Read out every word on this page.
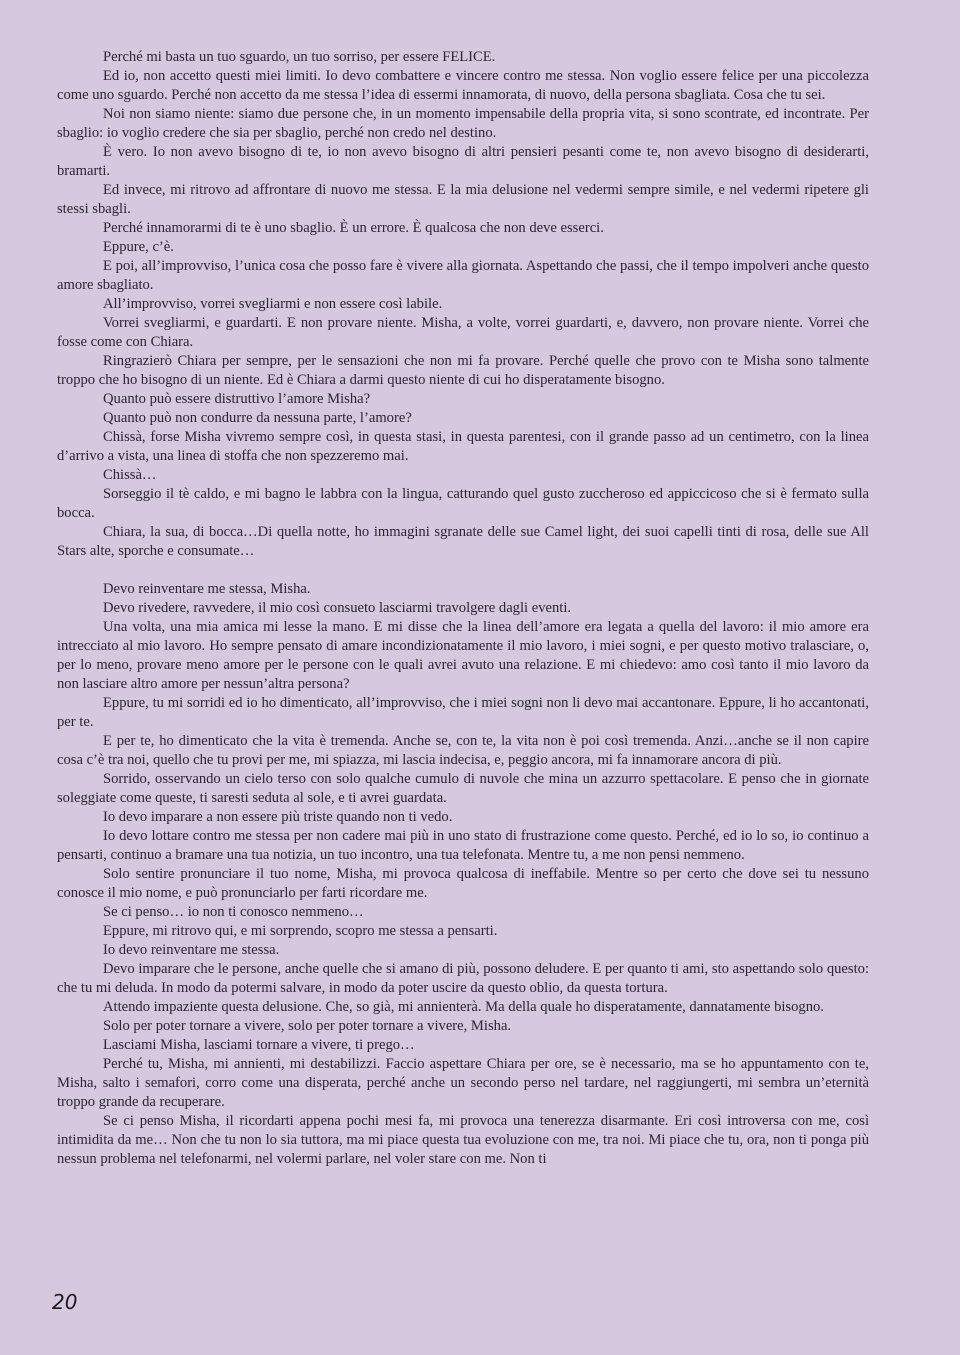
Perché mi basta un tuo sguardo, un tuo sorriso, per essere FELICE.

Ed io, non accetto questi miei limiti. Io devo combattere e vincere contro me stessa. Non voglio essere felice per una piccolezza come uno sguardo. Perché non accetto da me stessa l’idea di essermi innamorata, di nuovo, della persona sbagliata. Cosa che tu sei.

Noi non siamo niente: siamo due persone che, in un momento impensabile della propria vita, si sono scontrate, ed incontrate. Per sbaglio: io voglio credere che sia per sbaglio, perché non credo nel destino.

È vero. Io non avevo bisogno di te, io non avevo bisogno di altri pensieri pesanti come te, non avevo bisogno di desiderarti, bramarti.

Ed invece, mi ritrovo ad affrontare di nuovo me stessa. E la mia delusione nel vedermi sempre simile, e nel vedermi ripetere gli stessi sbagli.

Perché innamorarmi di te è uno sbaglio. È un errore. È qualcosa che non deve esserci.

Eppure, c’è.

E poi, all’improvviso, l’unica cosa che posso fare è vivere alla giornata. Aspettando che passi, che il tempo impolveri anche questo amore sbagliato.

All’improvviso, vorrei svegliarmi e non essere così labile.

Vorrei svegliarmi, e guardarti. E non provare niente. Misha, a volte, vorrei guardarti, e, davvero, non provare niente. Vorrei che fosse come con Chiara.

Ringrazierò Chiara per sempre, per le sensazioni che non mi fa provare. Perché quelle che provo con te Misha sono talmente troppo che ho bisogno di un niente. Ed è Chiara a darmi questo niente di cui ho disperatamente bisogno.

Quanto può essere distruttivo l’amore Misha?

Quanto può non condurre da nessuna parte, l’amore?

Chissà, forse Misha vivremo sempre così, in questa stasi, in questa parentesi, con il grande passo ad un centimetro, con la linea d’arrivo a vista, una linea di stoffa che non spezzeremo mai.

Chissà…

Sorseggio il tè caldo, e mi bagno le labbra con la lingua, catturando quel gusto zuccheroso ed appiccicoso che si è fermato sulla bocca.

Chiara, la sua, di bocca…Di quella notte, ho immagini sgranate delle sue Camel light, dei suoi capelli tinti di rosa, delle sue All Stars alte, sporche e consumate…

Devo reinventare me stessa, Misha.

Devo rivedere, ravvedere, il mio così consueto lasciarmi travolgere dagli eventi.

Una volta, una mia amica mi lesse la mano. E mi disse che la linea dell’amore era legata a quella del lavoro: il mio amore era intrecciato al mio lavoro. Ho sempre pensato di amare incondizionatamente il mio lavoro, i miei sogni, e per questo motivo tralasciare, o, per lo meno, provare meno amore per le persone con le quali avrei avuto una relazione. E mi chiedevo: amo così tanto il mio lavoro da non lasciare altro amore per nessun’altra persona?

Eppure, tu mi sorridi ed io ho dimenticato, all’improvviso, che i miei sogni non li devo mai accantonare. Eppure, li ho accantonati, per te.

E per te, ho dimenticato che la vita è tremenda. Anche se, con te, la vita non è poi così tremenda. Anzi…anche se il non capire cosa c’è tra noi, quello che tu provi per me, mi spiazza, mi lascia indecisa, e, peggio ancora, mi fa innamorare ancora di più.

Sorrido, osservando un cielo terso con solo qualche cumulo di nuvole che mina un azzurro spettacolare. E penso che in giornate soleggiate come queste, ti saresti seduta al sole, e ti avrei guardata.

Io devo imparare a non essere più triste quando non ti vedo.

Io devo lottare contro me stessa per non cadere mai più in uno stato di frustrazione come questo. Perché, ed io lo so, io continuo a pensarti, continuo a bramare una tua notizia, un tuo incontro, una tua telefonata. Mentre tu, a me non pensi nemmeno.

Solo sentire pronunciare il tuo nome, Misha, mi provoca qualcosa di ineffabile. Mentre so per certo che dove sei tu nessuno conosce il mio nome, e può pronunciarlo per farti ricordare me.

Se ci penso… io non ti conosco nemmeno…

Eppure, mi ritrovo qui, e mi sorprendo, scopro me stessa a pensarti.

Io devo reinventare me stessa.

Devo imparare che le persone, anche quelle che si amano di più, possono deludere. E per quanto ti ami, sto aspettando solo questo: che tu mi deluda. In modo da potermi salvare, in modo da poter uscire da questo oblio, da questa tortura.

Attendo impaziente questa delusione. Che, so già, mi annienterà. Ma della quale ho disperatamente, dannatamente bisogno.

Solo per poter tornare a vivere, solo per poter tornare a vivere, Misha.

Lasciami Misha, lasciami tornare a vivere, ti prego…

Perché tu, Misha, mi annienti, mi destabilizzi. Faccio aspettare Chiara per ore, se è necessario, ma se ho appuntamento con te, Misha, salto i semafori, corro come una disperata, perché anche un secondo perso nel tardare, nel raggiungerti, mi sembra un’eternità troppo grande da recuperare.

Se ci penso Misha, il ricordarti appena pochi mesi fa, mi provoca una tenerezza disarmante. Eri così introversa con me, così intimidita da me… Non che tu non lo sia tuttora, ma mi piace questa tua evoluzione con me, tra noi. Mi piace che tu, ora, non ti ponga più nessun problema nel telefonarmi, nel volermi parlare, nel voler stare con me. Non ti

20
